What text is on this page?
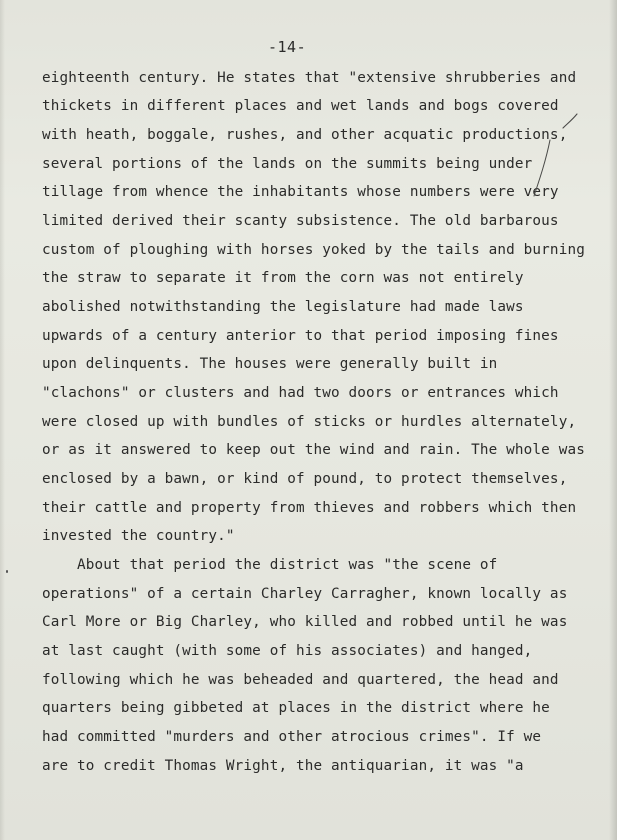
-14-
eighteenth century. He states that "extensive shrubberies and
thickets in different places and wet lands and bogs covered
with heath, boggale, rushes, and other acquatic productions,
several portions of the lands on the summits being under
tillage from whence the inhabitants whose numbers were very
limited derived their scanty subsistence. The old barbarous
custom of ploughing with horses yoked by the tails and burning
the straw to separate it from the corn was not entirely
abolished notwithstanding the legislature had made laws
upwards of a century anterior to that period imposing fines
upon delinquents. The houses were generally built in
"clachons" or clusters and had two doors or entrances which
were closed up with bundles of sticks or hurdles alternately,
or as it answered to keep out the wind and rain. The whole was
enclosed by a bawn, or kind of pound, to protect themselves,
their cattle and property from thieves and robbers which then
invested the country."
About that period the district was "the scene of
operations" of a certain Charley Carragher, known locally as
Carl More or Big Charley, who killed and robbed until he was
at last caught (with some of his associates) and hanged,
following which he was beheaded and quartered, the head and
quarters being gibbeted at places in the district where he
had committed "murders and other atrocious crimes". If we
are to credit Thomas Wright, the antiquarian, it was "a
